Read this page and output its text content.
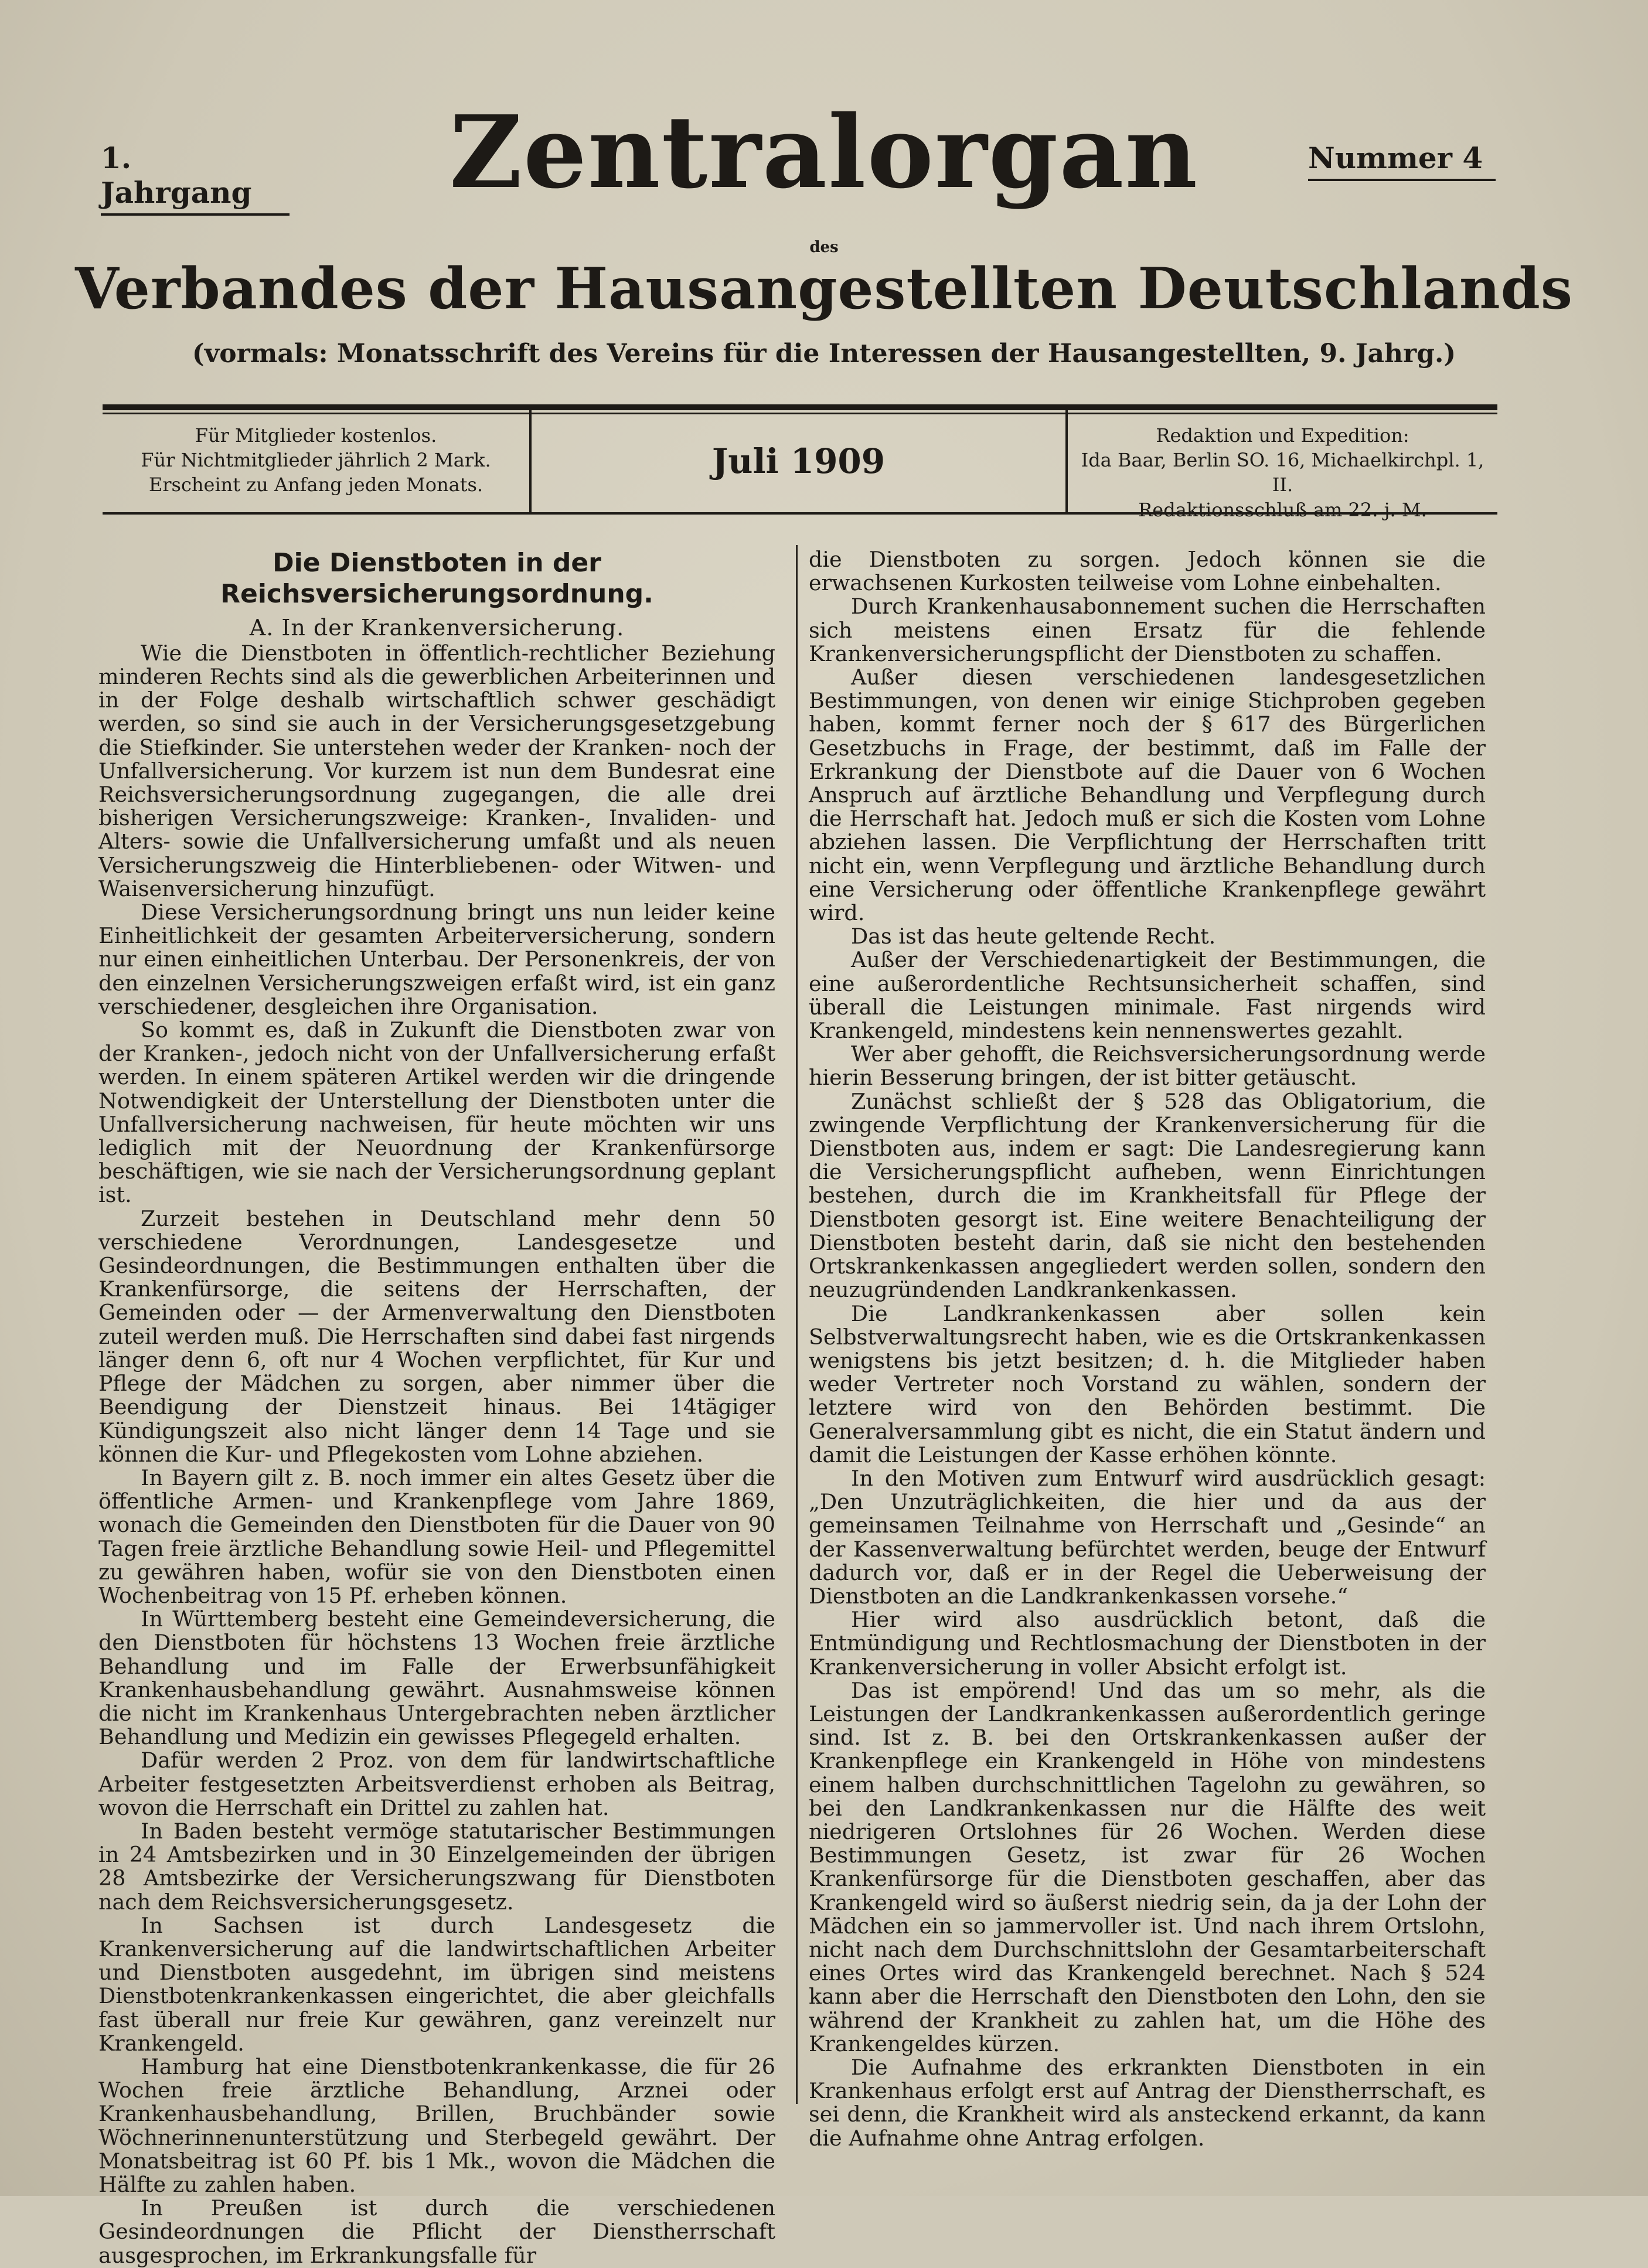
1. Jahrgang
Nummer 4
Zentralorgan
des
Verbandes der Hausangestellten Deutschlands
(vormals: Monatsschrift des Vereins für die Interessen der Hausangestellten, 9. Jahrg.)
Für Mitglieder kostenlos.
Für Nichtmitglieder jährlich 2 Mark.
Erscheint zu Anfang jeden Monats.
Juli 1909
Redaktion und Expedition:
Ida Baar, Berlin SO. 16, Michaelkirchpl. 1, II.
Redaktionsschluß am 22. j. M.
Die Dienstboten in der Reichsversicherungsordnung.
A. In der Krankenversicherung.

Wie die Dienstboten in öffentlich-rechtlicher Beziehung minderen Rechts sind als die gewerblichen Arbeiterinnen und in der Folge deshalb wirtschaftlich schwer geschädigt werden, so sind sie auch in der Versicherungsgesetzgebung die Stiefkinder. Sie unterstehen weder der Kranken- noch der Unfallversicherung. Vor kurzem ist nun dem Bundesrat eine Reichsversicherungsordnung zugegangen, die alle drei bisherigen Versicherungszweige: Kranken-, Invaliden- und Alters- sowie die Unfallversicherung umfaßt und als neuen Versicherungszweig die Hinterbliebenen- oder Witwen- und Waisenversicherung hinzufügt.

Diese Versicherungsordnung bringt uns nun leider keine Einheitlichkeit der gesamten Arbeiterversicherung, sondern nur einen einheitlichen Unterbau. Der Personenkreis, der von den einzelnen Versicherungszweigen erfaßt wird, ist ein ganz verschiedener, desgleichen ihre Organisation.

So kommt es, daß in Zukunft die Dienstboten zwar von der Kranken-, jedoch nicht von der Unfallversicherung erfaßt werden. In einem späteren Artikel werden wir die dringende Notwendigkeit der Unterstellung der Dienstboten unter die Unfallversicherung nachweisen, für heute möchten wir uns lediglich mit der Neuordnung der Krankenfürsorge beschäftigen, wie sie nach der Versicherungsordnung geplant ist.

Zurzeit bestehen in Deutschland mehr denn 50 verschiedene Verordnungen, Landesgesetze und Gesindeordnungen, die Bestimmungen enthalten über die Krankenfürsorge, die seitens der Herrschaften, der Gemeinden oder — der Armenverwaltung den Dienstboten zuteil werden muß. Die Herrschaften sind dabei fast nirgends länger denn 6, oft nur 4 Wochen verpflichtet, für Kur und Pflege der Mädchen zu sorgen, aber nimmer über die Beendigung der Dienstzeit hinaus. Bei 14tägiger Kündigungszeit also nicht länger denn 14 Tage und sie können die Kur- und Pflegekosten vom Lohne abziehen.

In Bayern gilt z. B. noch immer ein altes Gesetz über die öffentliche Armen- und Krankenpflege vom Jahre 1869, wonach die Gemeinden den Dienstboten für die Dauer von 90 Tagen freie ärztliche Behandlung sowie Heil- und Pflegemittel zu gewähren haben, wofür sie von den Dienstboten einen Wochenbeitrag von 15 Pf. erheben können.

In Württemberg besteht eine Gemeindeversicherung, die den Dienstboten für höchstens 13 Wochen freie ärztliche Behandlung und im Falle der Erwerbsunfähigkeit Krankenhausbehandlung gewährt. Ausnahmsweise können die nicht im Krankenhaus Untergebrachten neben ärztlicher Behandlung und Medizin ein gewisses Pflegegeld erhalten.

Dafür werden 2 Proz. von dem für landwirtschaftliche Arbeiter festgesetzten Arbeitsverdienst erhoben als Beitrag, wovon die Herrschaft ein Drittel zu zahlen hat.

In Baden besteht vermöge statutarischer Bestimmungen in 24 Amtsbezirken und in 30 Einzelgemeinden der übrigen 28 Amtsbezirke der Versicherungszwang für Dienstboten nach dem Reichsversicherungsgesetz.

In Sachsen ist durch Landesgesetz die Krankenversicherung auf die landwirtschaftlichen Arbeiter und Dienstboten ausgedehnt, im übrigen sind meistens Dienstbotenkrankenkassen eingerichtet, die aber gleichfalls fast überall nur freie Kur gewähren, ganz vereinzelt nur Krankengeld.

Hamburg hat eine Dienstbotenkrankenkasse, die für 26 Wochen freie ärztliche Behandlung, Arznei oder Krankenhausbehandlung, Brillen, Bruchbänder sowie Wöchnerinnenunterstützung und Sterbegeld gewährt. Der Monatsbeitrag ist 60 Pf. bis 1 Mk., wovon die Mädchen die Hälfte zu zahlen haben.

In Preußen ist durch die verschiedenen Gesindeordnungen die Pflicht der Dienstherrschaft ausgesprochen, im Erkrankungsfalle für

die Dienstboten zu sorgen. Jedoch können sie die erwachsenen Kurkosten teilweise vom Lohne einbehalten.

Durch Krankenhausabonnement suchen die Herrschaften sich meistens einen Ersatz für die fehlende Krankenversicherungspflicht der Dienstboten zu schaffen.

Außer diesen verschiedenen landesgesetzlichen Bestimmungen, von denen wir einige Stichproben gegeben haben, kommt ferner noch der § 617 des Bürgerlichen Gesetzbuchs in Frage, der bestimmt, daß im Falle der Erkrankung der Dienstbote auf die Dauer von 6 Wochen Anspruch auf ärztliche Behandlung und Verpflegung durch die Herrschaft hat. Jedoch muß er sich die Kosten vom Lohne abziehen lassen. Die Verpflichtung der Herrschaften tritt nicht ein, wenn Verpflegung und ärztliche Behandlung durch eine Versicherung oder öffentliche Krankenpflege gewährt wird.

Das ist das heute geltende Recht.

Außer der Verschiedenartigkeit der Bestimmungen, die eine außerordentliche Rechtsunsicherheit schaffen, sind überall die Leistungen minimale. Fast nirgends wird Krankengeld, mindestens kein nennenswertes gezahlt.

Wer aber gehofft, die Reichsversicherungsordnung werde hierin Besserung bringen, der ist bitter getäuscht.

Zunächst schließt der § 528 das Obligatorium, die zwingende Verpflichtung der Krankenversicherung für die Dienstboten aus, indem er sagt: Die Landesregierung kann die Versicherungspflicht aufheben, wenn Einrichtungen bestehen, durch die im Krankheitsfall für Pflege der Dienstboten gesorgt ist. Eine weitere Benachteiligung der Dienstboten besteht darin, daß sie nicht den bestehenden Ortskrankenkassen angegliedert werden sollen, sondern den neuzugründenden Landkrankenkassen.

Die Landkrankenkassen aber sollen kein Selbstverwaltungsrecht haben, wie es die Ortskrankenkassen wenigstens bis jetzt besitzen; d. h. die Mitglieder haben weder Vertreter noch Vorstand zu wählen, sondern der letztere wird von den Behörden bestimmt. Die Generalversammlung gibt es nicht, die ein Statut ändern und damit die Leistungen der Kasse erhöhen könnte.

In den Motiven zum Entwurf wird ausdrücklich gesagt: „Den Unzuträglichkeiten, die hier und da aus der gemeinsamen Teilnahme von Herrschaft und „Gesinde“ an der Kassenverwaltung befürchtet werden, beuge der Entwurf dadurch vor, daß er in der Regel die Ueberweisung der Dienstboten an die Landkrankenkassen vorsehe.“

Hier wird also ausdrücklich betont, daß die Entmündigung und Rechtlosmachung der Dienstboten in der Krankenversicherung in voller Absicht erfolgt ist.

Das ist empörend! Und das um so mehr, als die Leistungen der Landkrankenkassen außerordentlich geringe sind. Ist z. B. bei den Ortskrankenkassen außer der Krankenpflege ein Krankengeld in Höhe von mindestens einem halben durchschnittlichen Tagelohn zu gewähren, so bei den Landkrankenkassen nur die Hälfte des weit niedrigeren Ortslohnes für 26 Wochen. Werden diese Bestimmungen Gesetz, ist zwar für 26 Wochen Krankenfürsorge für die Dienstboten geschaffen, aber das Krankengeld wird so äußerst niedrig sein, da ja der Lohn der Mädchen ein so jammervoller ist. Und nach ihrem Ortslohn, nicht nach dem Durchschnittslohn der Gesamtarbeiterschaft eines Ortes wird das Krankengeld berechnet. Nach § 524 kann aber die Herrschaft den Dienstboten den Lohn, den sie während der Krankheit zu zahlen hat, um die Höhe des Krankengeldes kürzen.

Die Aufnahme des erkrankten Dienstboten in ein Krankenhaus erfolgt erst auf Antrag der Dienstherrschaft, es sei denn, die Krankheit wird als ansteckend erkannt, da kann die Aufnahme ohne Antrag erfolgen.
